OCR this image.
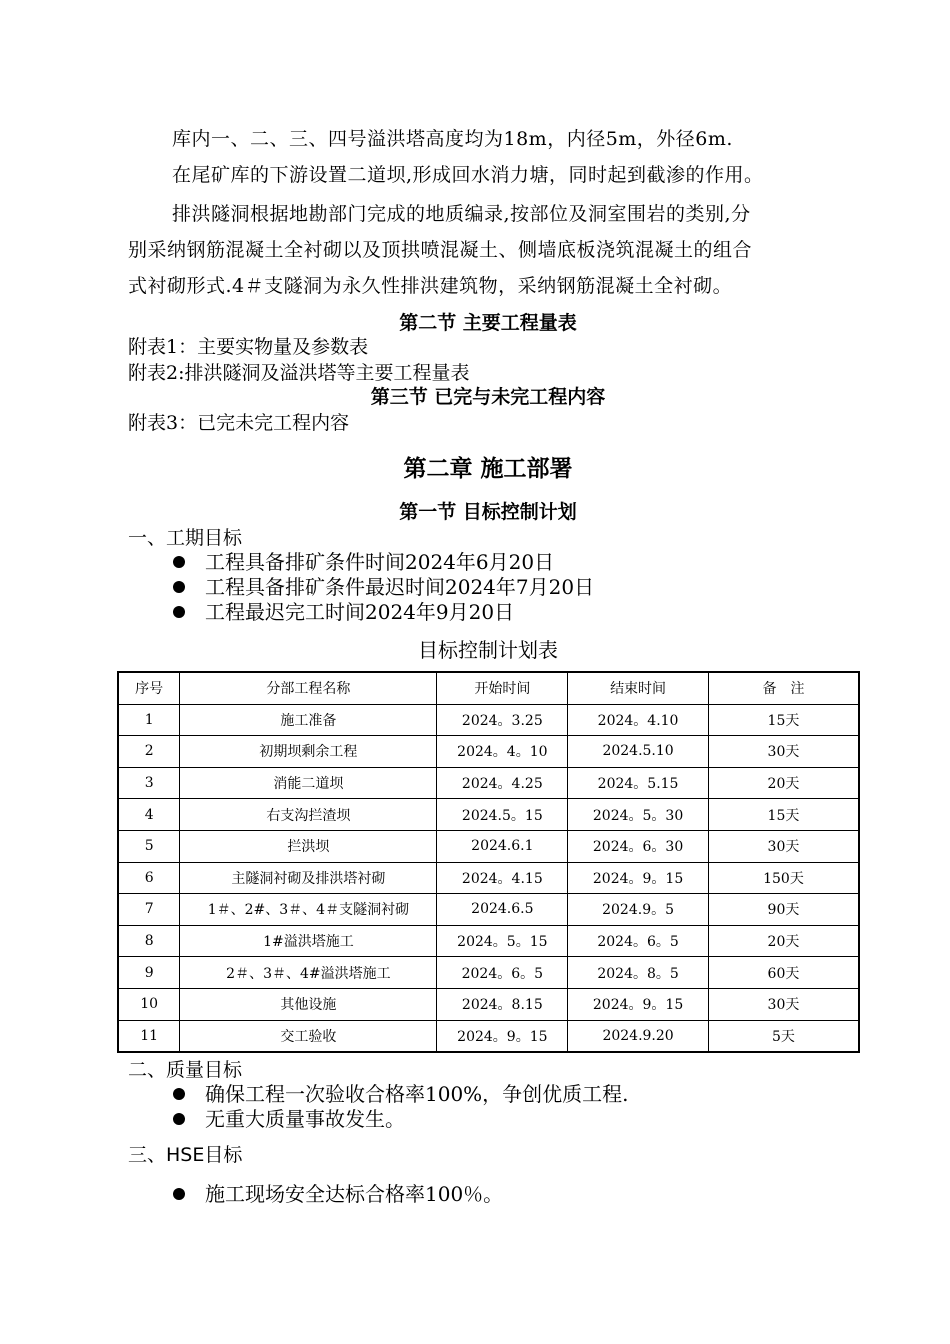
库内一、二、三、四号溢洪塔高度均为18m，内径5m，外径6m.
在尾矿库的下游设置二道坝,形成回水消力塘，同时起到截渗的作用。
排洪隧洞根据地勘部门完成的地质编录,按部位及洞室围岩的类别,分
别采纳钢筋混凝土全衬砌以及顶拱喷混凝土、侧墙底板浇筑混凝土的组合
式衬砌形式.4＃支隧洞为永久性排洪建筑物，采纳钢筋混凝土全衬砌。
第二节 主要工程量表
附表1：主要实物量及参数表
附表2:排洪隧洞及溢洪塔等主要工程量表
第三节 已完与未完工程内容
附表3：已完未完工程内容
第二章 施工部署
第一节 目标控制计划
一、工期目标
工程具备排矿条件时间2024年6月20日
工程具备排矿条件最迟时间2024年7月20日
工程最迟完工时间2024年9月20日
目标控制计划表
序号	分部工程名称	开始时间	结束时间	备　注
1	施工准备	2024。3.25	2024。4.10	15天
2	初期坝剩余工程	2024。4。10	2024.5.10	30天
3	消能二道坝	2024。4.25	2024。5.15	20天
4	右支沟拦渣坝	2024.5。15	2024。5。30	15天
5	拦洪坝	2024.6.1	2024。6。30	30天
6	主隧洞衬砌及排洪塔衬砌	2024。4.15	2024。9。15	150天
7	1＃、2#、3＃、4＃支隧洞衬砌	2024.6.5	2024.9。5	90天
8	1#溢洪塔施工	2024。5。15	2024。6。5	20天
9	2＃、3＃、4#溢洪塔施工	2024。6。5	2024。8。5	60天
10	其他设施	2024。8.15	2024。9。15	30天
11	交工验收	2024。9。15	2024.9.20	5天
二、质量目标
确保工程一次验收合格率100%，争创优质工程.
无重大质量事故发生。
三、HSE目标
施工现场安全达标合格率100％。
